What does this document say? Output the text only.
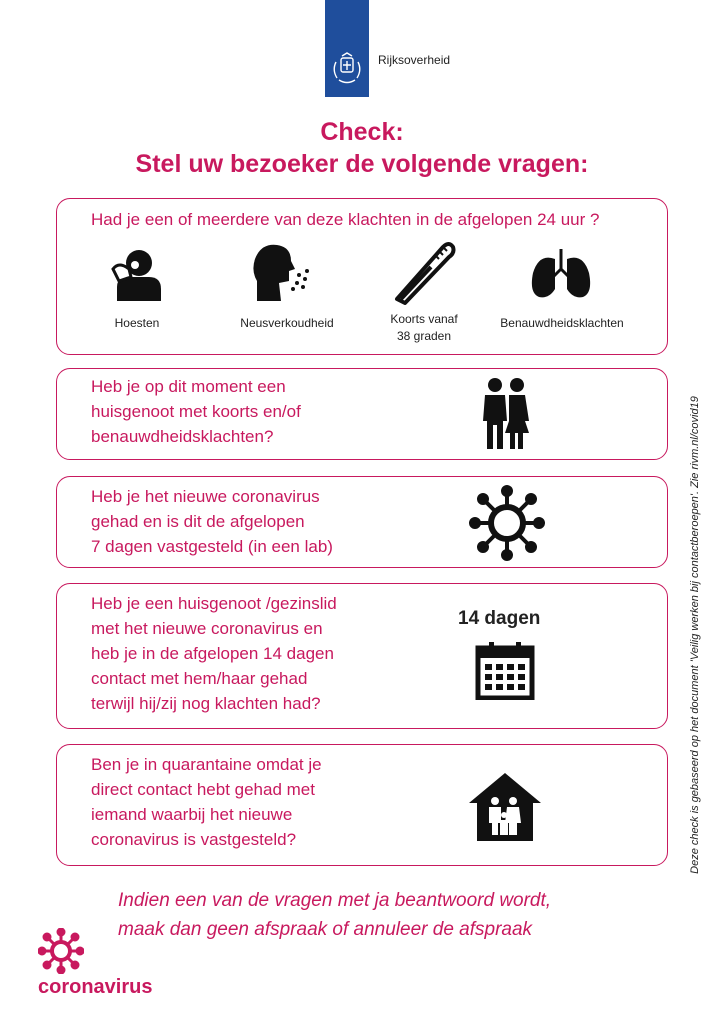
Rijksoverheid
Check:
Stel uw bezoeker de volgende vragen:
Had je een of meerdere van deze klachten in de afgelopen 24 uur ?
Hoesten	Neusverkoudheid	Koorts vanaf
38 graden
Benauwdheidsklachten
Heb je op dit moment een
huisgenoot met koorts en/of
benauwdheidsklachten?
Heb je het nieuwe coronavirus
gehad en is dit de afgelopen
7 dagen vastgesteld (in een lab)
Heb je een huisgenoot /gezinslid
met het nieuwe coronavirus en
heb je in de afgelopen 14 dagen
contact met hem/haar gehad
terwijl hij/zij nog klachten had?
14 dagen
Ben je in quarantaine omdat je
direct contact hebt gehad met
iemand waarbij het nieuwe
coronavirus is vastgesteld?	Deze check is gebaseerd op het document 'Veilig werken bij contactberoepen'. Zie rivm.nl/covid19
Indien een van de vragen met ja beantwoord wordt,
maak dan geen afspraak of annuleer de afspraak
coronavirus
